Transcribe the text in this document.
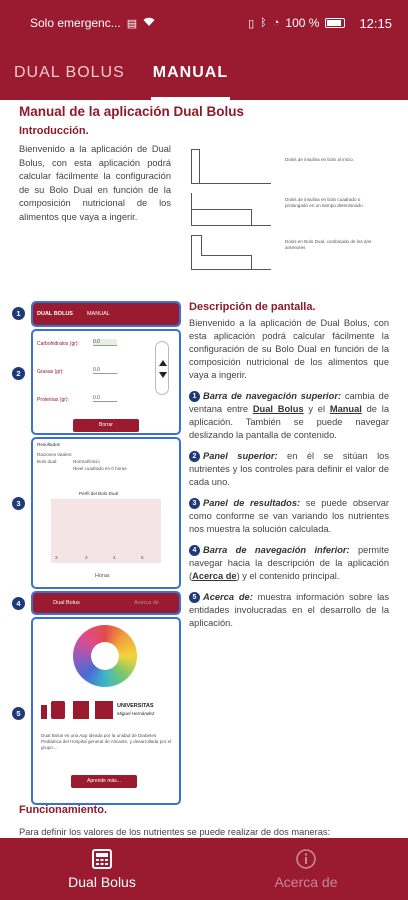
Solo emergenc... ▤	▯ ᛒ ◔ 100 %	12:15
DUAL BOLUS	MANUAL
Manual de la aplicación Dual Bolus
Introducción.
Bienvenido a la aplicación de Dual Bolus, con esta aplicación podrá calcular fácilmente la configuración de su Bolo Dual en función de la composición nutricional de los alimentos que vaya a ingerir.
Dosis de insulina en bolo al inicio.
Dosis de insulina en bolo cuadrado o prolongado en un tiempo determinado
Dosis en Bolo Dual, combinado de los dos anteriores
1	DUAL BOLUS	MANUAL
2
Carbohidratos (gr):	0.0
Grasas (gr):	0.0
Proteínas (gr):	0.0
Borrar
3
Resultados
Raciones totales:
Bolo dual:	Normal/Inicio
Nivel cuadrado en 0 horas
Perfil del Bolo Dual
3	3	4	5
Horas
4	Dual Bolus	Acerca de
5
UNIVERSITAS
Miguel Hernández
Dual Bolus es una App ideada por la unidad de Diabetes Pediátrica del Hospital general de Alicante, y desarrollada por el grupo ...
Aprende más...
Descripción de pantalla.
Bienvenido a la aplicación de Dual Bolus, con esta aplicación podrá calcular fácilmente la configuración de su Bolo Dual en función de la composición nutricional de los alimentos que vaya a ingerir.
1 Barra de navegación superior: cambia de ventana entre Dual Bolus y el Manual de la aplicación. También se puede navegar deslizando la pantalla de contenido.
2 Panel superior: en él se sitúan los nutrientes y los controles para definir el valor de cada uno.
3 Panel de resultados: se puede observar como conforme se van variando los nutrientes nos muestra la solución calculada.
4 Barra de navegación inferior: permite navegar hacia la descripción de la aplicación (Acerca de) y el contenido principal.
5 Acerca de: muestra información sobre las entidades involucradas en el desarrollo de la aplicación.
Funcionamiento.
Para definir los valores de los nutrientes se puede realizar de dos maneras:
Dual Bolus	Acerca de
